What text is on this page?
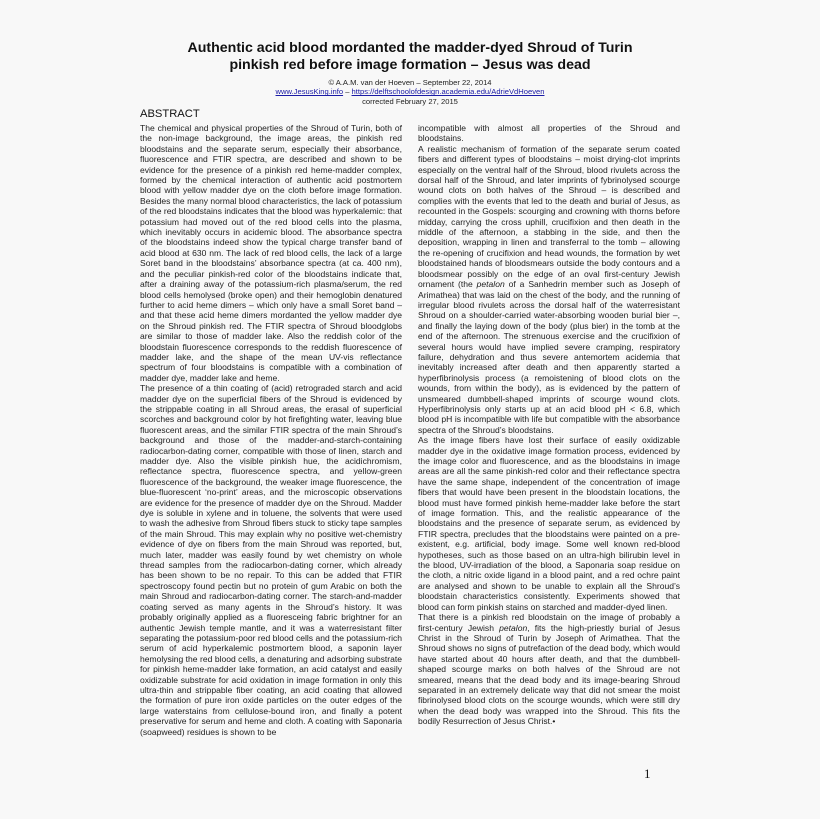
Authentic acid blood mordanted the madder-dyed Shroud of Turin
pinkish red before image formation – Jesus was dead
© A.A.M. van der Hoeven – September 22, 2014
www.JesusKing.info – https://delftschoolofdesign.academia.edu/AdrieVdHoeven
corrected February 27, 2015
ABSTRACT

The chemical and physical properties of the Shroud of Turin, both of the non-image background, the image areas, the pinkish red bloodstains and the separate serum, especially their absorbance, fluorescence and FTIR spectra, are described and shown to be evidence for the presence of a pinkish red heme-madder complex, formed by the chemical interaction of authentic acid postmortem blood with yellow madder dye on the cloth before image formation. Besides the many normal blood characteristics, the lack of potassium of the red bloodstains indicates that the blood was hyperkalemic: that potassium had moved out of the red blood cells into the plasma, which inevitably occurs in acidemic blood. The absorbance spectra of the bloodstains indeed show the typical charge transfer band of acid blood at 630 nm. The lack of red blood cells, the lack of a large Soret band in the bloodstains’ absorbance spectra (at ca. 400 nm), and the peculiar pinkish-red color of the bloodstains indicate that, after a draining away of the potassium-rich plasma/serum, the red blood cells hemolysed (broke open) and their hemoglobin denatured further to acid heme dimers – which only have a small Soret band – and that these acid heme dimers mordanted the yellow madder dye on the Shroud pinkish red. The FTIR spectra of Shroud bloodglobs are similar to those of madder lake. Also the reddish color of the bloodstain fluorescence corresponds to the reddish fluorescence of madder lake, and the shape of the mean UV-vis reflectance spectrum of four bloodstains is compatible with a combination of madder dye, madder lake and heme.

The presence of a thin coating of (acid) retrograded starch and acid madder dye on the superficial fibers of the Shroud is evidenced by the strippable coating in all Shroud areas, the erasal of superficial scorches and background color by hot firefighting water, leaving blue fluorescent areas, and the similar FTIR spectra of the main Shroud’s background and those of the madder-and-starch-containing radiocarbon-dating corner, compatible with those of linen, starch and madder dye. Also the visible pinkish hue, the acidichromism, reflectance spectra, fluorescence spectra, and yellow-green fluorescence of the background, the weaker image fluorescence, the blue-fluorescent ‘no-print’ areas, and the microscopic observations are evidence for the presence of madder dye on the Shroud. Madder dye is soluble in xylene and in toluene, the solvents that were used to wash the adhesive from Shroud fibers stuck to sticky tape samples of the main Shroud. This may explain why no positive wet-chemistry evidence of dye on fibers from the main Shroud was reported, but, much later, madder was easily found by wet chemistry on whole thread samples from the radiocarbon-dating corner, which already has been shown to be no repair. To this can be added that FTIR spectroscopy found pectin but no protein of gum Arabic on both the main Shroud and radiocarbon-dating corner. The starch-and-madder coating served as many agents in the Shroud’s history. It was probably originally applied as a fluoresceing fabric brightner for an authentic Jewish temple mantle, and it was a waterresistant filter separating the potassium-poor red blood cells and the potassium-rich serum of acid hyperkalemic postmortem blood, a saponin layer hemolysing the red blood cells, a denaturing and adsorbing substrate for pinkish heme-madder lake formation, an acid catalyst and easily oxidizable substrate for acid oxidation in image formation in only this ultra-thin and strippable fiber coating, an acid coating that allowed the formation of pure iron oxide particles on the outer edges of the large waterstains from cellulose-bound iron, and finally a potent preservative for serum and heme and cloth. A coating with Saponaria (soapweed) residues is shown to be

incompatible with almost all properties of the Shroud and bloodstains.

A realistic mechanism of formation of the separate serum coated fibers and different types of bloodstains – moist drying-clot imprints especially on the ventral half of the Shroud, blood rivulets across the dorsal half of the Shroud, and later imprints of fybrinolysed scourge wound clots on both halves of the Shroud – is described and complies with the events that led to the death and burial of Jesus, as recounted in the Gospels: scourging and crowning with thorns before midday, carrying the cross uphill, crucifixion and then death in the middle of the afternoon, a stabbing in the side, and then the deposition, wrapping in linen and transferral to the tomb – allowing the re-opening of crucifixion and head wounds, the formation by wet bloodstained hands of bloodsmears outside the body contours and a bloodsmear possibly on the edge of an oval first-century Jewish ornament (the petalon of a Sanhedrin member such as Joseph of Arimathea) that was laid on the chest of the body, and the running of irregular blood rivulets across the dorsal half of the waterresistant Shroud on a shoulder-carried water-absorbing wooden burial bier –, and finally the laying down of the body (plus bier) in the tomb at the end of the afternoon. The strenuous exercise and the crucifixion of several hours would have implied severe cramping, respiratory failure, dehydration and thus severe antemortem acidemia that inevitably increased after death and then apparently started a hyperfibrinolysis process (a remoistening of blood clots on the wounds, from within the body), as is evidenced by the pattern of unsmeared dumbbell-shaped imprints of scourge wound clots. Hyperfibrinolysis only starts up at an acid blood pH < 6.8, which blood pH is incompatible with life but compatible with the absorbance spectra of the Shroud’s bloodstains.

As the image fibers have lost their surface of easily oxidizable madder dye in the oxidative image formation process, evidenced by the image color and fluorescence, and as the bloodstains in image areas are all the same pinkish-red color and their reflectance spectra have the same shape, independent of the concentration of image fibers that would have been present in the bloodstain locations, the blood must have formed pinkish heme-madder lake before the start of image formation. This, and the realistic appearance of the bloodstains and the presence of separate serum, as evidenced by FTIR spectra, precludes that the bloodstains were painted on a pre-existent, e.g. artificial, body image. Some well known red-blood hypotheses, such as those based on an ultra-high bilirubin level in the blood, UV-irradiation of the blood, a Saponaria soap residue on the cloth, a nitric oxide ligand in a blood paint, and a red ochre paint are analysed and shown to be unable to explain all the Shroud’s bloodstain characteristics consistently. Experiments showed that blood can form pinkish stains on starched and madder-dyed linen.

That there is a pinkish red bloodstain on the image of probably a first-century Jewish petalon, fits the high-priestly burial of Jesus Christ in the Shroud of Turin by Joseph of Arimathea. That the Shroud shows no signs of putrefaction of the dead body, which would have started about 40 hours after death, and that the dumbbell-shaped scourge marks on both halves of the Shroud are not smeared, means that the dead body and its image-bearing Shroud separated in an extremely delicate way that did not smear the moist fibrinolysed blood clots on the scourge wounds, which were still dry when the dead body was wrapped into the Shroud. This fits the bodily Resurrection of Jesus Christ.•

1
